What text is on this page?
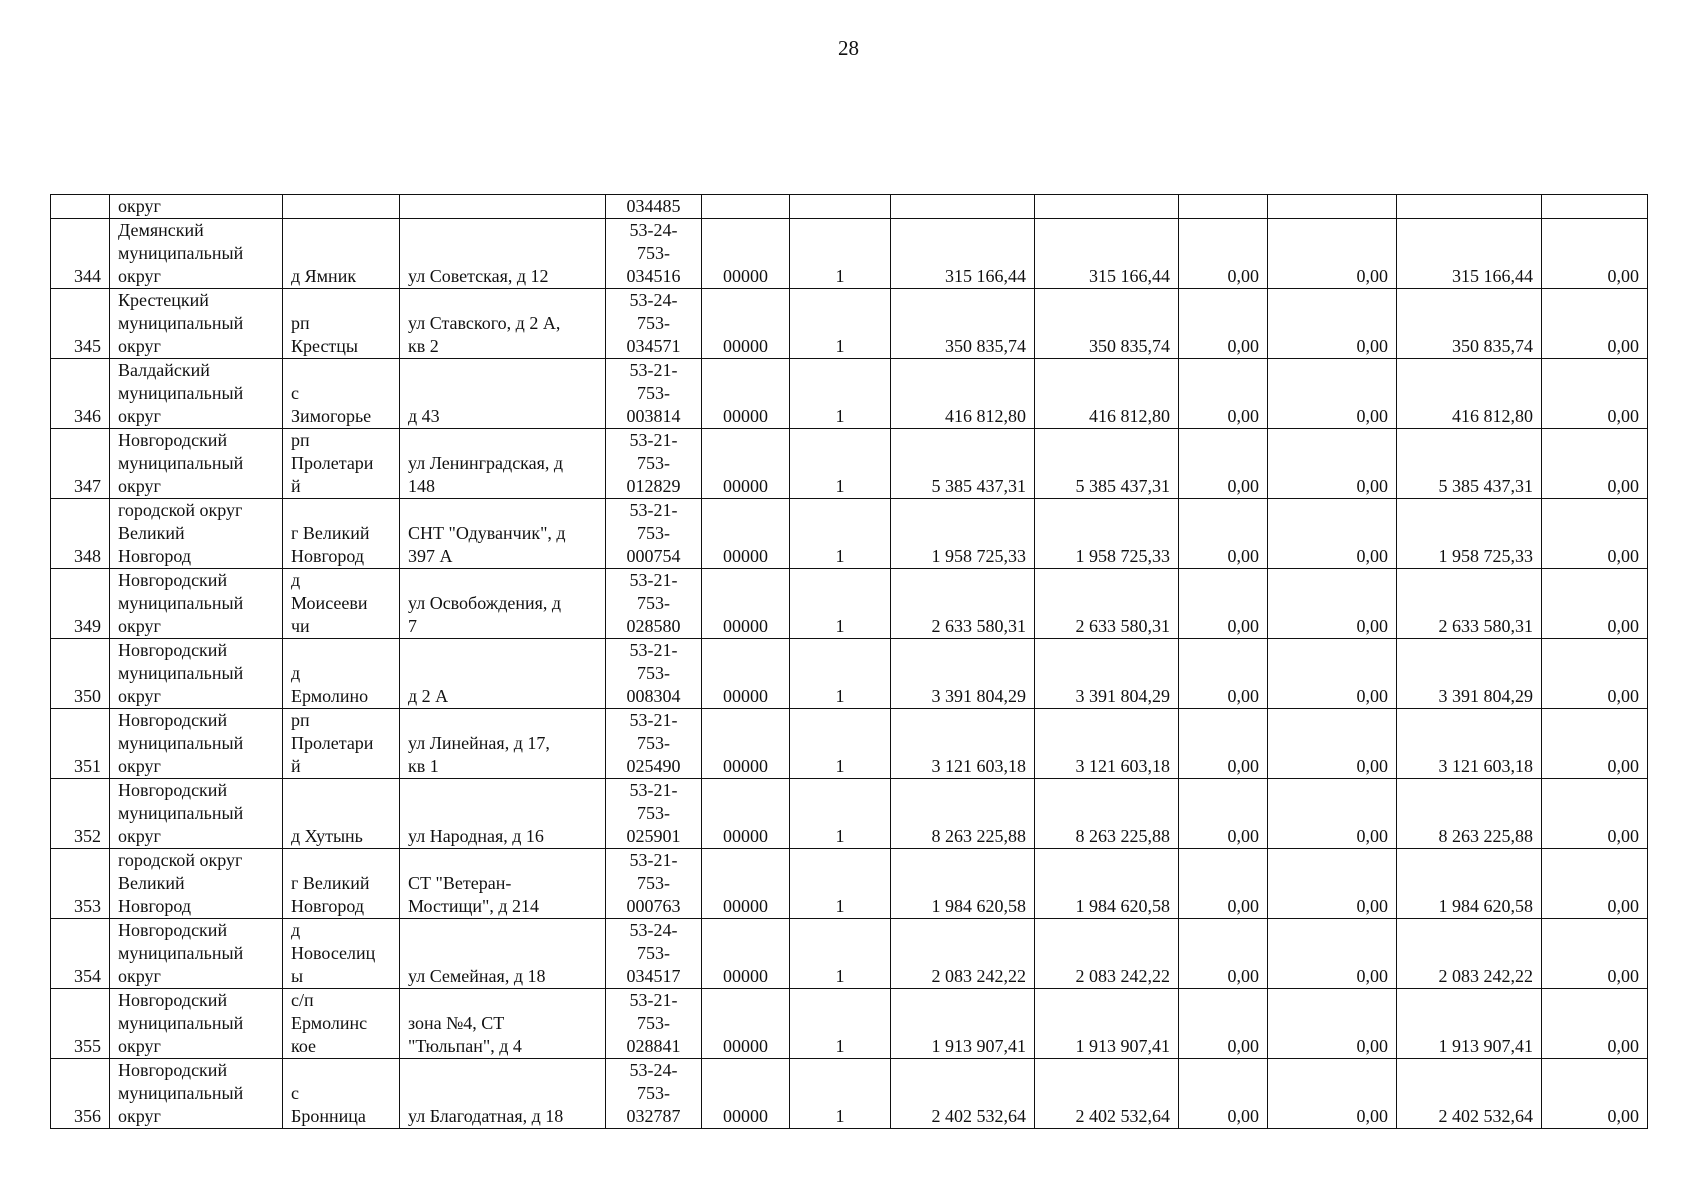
28

	округ			034485								

344	Демянский
муниципальный
округ	д Ямник	ул Советская, д 12	53-24-
753-
034516	00000	1	315 166,44	315 166,44	0,00	0,00	315 166,44	0,00
345	Крестецкий
муниципальный
округ	рп
Крестцы	ул Ставского, д 2 А,
кв 2	53-24-
753-
034571	00000	1	350 835,74	350 835,74	0,00	0,00	350 835,74	0,00
346	Валдайский
муниципальный
округ	с
Зимогорье	д 43	53-21-
753-
003814	00000	1	416 812,80	416 812,80	0,00	0,00	416 812,80	0,00
347	Новгородский
муниципальный
округ	рп
Пролетари
й	ул Ленинградская, д
148	53-21-
753-
012829	00000	1	5 385 437,31	5 385 437,31	0,00	0,00	5 385 437,31	0,00
348	городской округ
Великий
Новгород	г Великий
Новгород	СНТ "Одуванчик", д
397 А	53-21-
753-
000754	00000	1	1 958 725,33	1 958 725,33	0,00	0,00	1 958 725,33	0,00
349	Новгородский
муниципальный
округ	д
Моисееви
чи	ул Освобождения, д
7	53-21-
753-
028580	00000	1	2 633 580,31	2 633 580,31	0,00	0,00	2 633 580,31	0,00
350	Новгородский
муниципальный
округ	д
Ермолино	д 2 А	53-21-
753-
008304	00000	1	3 391 804,29	3 391 804,29	0,00	0,00	3 391 804,29	0,00
351	Новгородский
муниципальный
округ	рп
Пролетари
й	ул Линейная, д 17,
кв 1	53-21-
753-
025490	00000	1	3 121 603,18	3 121 603,18	0,00	0,00	3 121 603,18	0,00
352	Новгородский
муниципальный
округ	д Хутынь	ул Народная, д 16	53-21-
753-
025901	00000	1	8 263 225,88	8 263 225,88	0,00	0,00	8 263 225,88	0,00
353	городской округ
Великий
Новгород	г Великий
Новгород	СТ "Ветеран-
Мостищи", д 214	53-21-
753-
000763	00000	1	1 984 620,58	1 984 620,58	0,00	0,00	1 984 620,58	0,00
354	Новгородский
муниципальный
округ	д
Новоселиц
ы	ул Семейная, д 18	53-24-
753-
034517	00000	1	2 083 242,22	2 083 242,22	0,00	0,00	2 083 242,22	0,00
355	Новгородский
муниципальный
округ	с/п
Ермолинс
кое	зона №4, СТ
"Тюльпан", д 4	53-21-
753-
028841	00000	1	1 913 907,41	1 913 907,41	0,00	0,00	1 913 907,41	0,00
356	Новгородский
муниципальный
округ	с
Бронница	ул Благодатная, д 18	53-24-
753-
032787	00000	1	2 402 532,64	2 402 532,64	0,00	0,00	2 402 532,64	0,00
